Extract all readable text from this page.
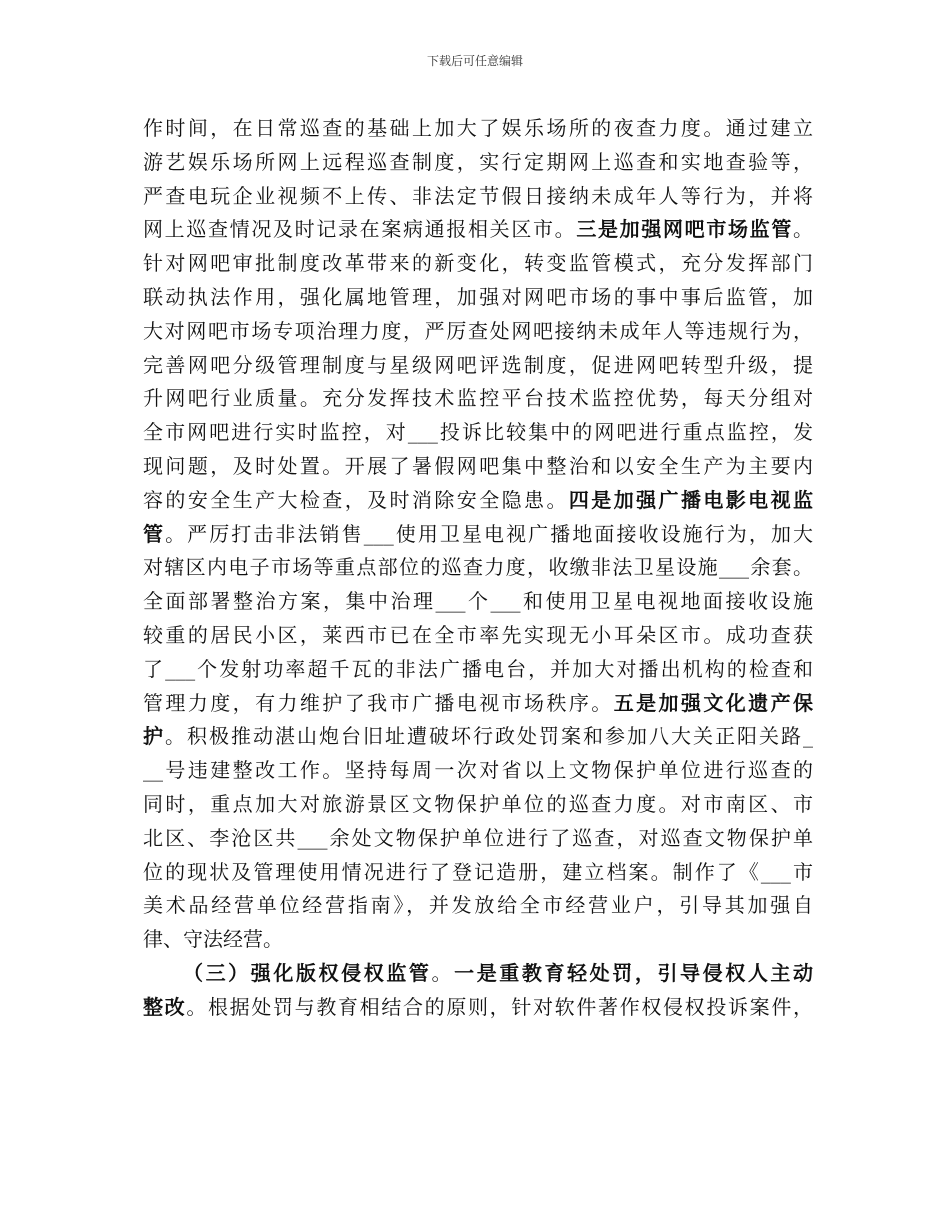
下载后可任意编辑
作时间，在日常巡查的基础上加大了娱乐场所的夜查力度。通过建立
游艺娱乐场所网上远程巡查制度，实行定期网上巡查和实地查验等，
严查电玩企业视频不上传、非法定节假日接纳未成年人等行为，并将
网上巡查情况及时记录在案病通报相关区市。三是加强网吧市场监管。
针对网吧审批制度改革带来的新变化，转变监管模式，充分发挥部门
联动执法作用，强化属地管理，加强对网吧市场的事中事后监管，加
大对网吧市场专项治理力度，严厉查处网吧接纳未成年人等违规行为，
完善网吧分级管理制度与星级网吧评选制度，促进网吧转型升级，提
升网吧行业质量。充分发挥技术监控平台技术监控优势，每天分组对
全市网吧进行实时监控，对___投诉比较集中的网吧进行重点监控，发
现问题，及时处置。开展了暑假网吧集中整治和以安全生产为主要内
容的安全生产大检查，及时消除安全隐患。四是加强广播电影电视监
管。严厉打击非法销售___使用卫星电视广播地面接收设施行为，加大
对辖区内电子市场等重点部位的巡查力度，收缴非法卫星设施___余套。
全面部署整治方案，集中治理___个___和使用卫星电视地面接收设施
较重的居民小区，莱西市已在全市率先实现无小耳朵区市。成功查获
了___个发射功率超千瓦的非法广播电台，并加大对播出机构的检查和
管理力度，有力维护了我市广播电视市场秩序。五是加强文化遗产保
护。积极推动湛山炮台旧址遭破坏行政处罚案和参加八大关正阳关路_
__号违建整改工作。坚持每周一次对省以上文物保护单位进行巡查的
同时，重点加大对旅游景区文物保护单位的巡查力度。对市南区、市
北区、李沧区共___余处文物保护单位进行了巡查，对巡查文物保护单
位的现状及管理使用情况进行了登记造册，建立档案。制作了《___市
美术品经营单位经营指南》，并发放给全市经营业户，引导其加强自
律、守法经营。
（三）强化版权侵权监管。一是重教育轻处罚，引导侵权人主动
整改。根据处罚与教育相结合的原则，针对软件著作权侵权投诉案件，
